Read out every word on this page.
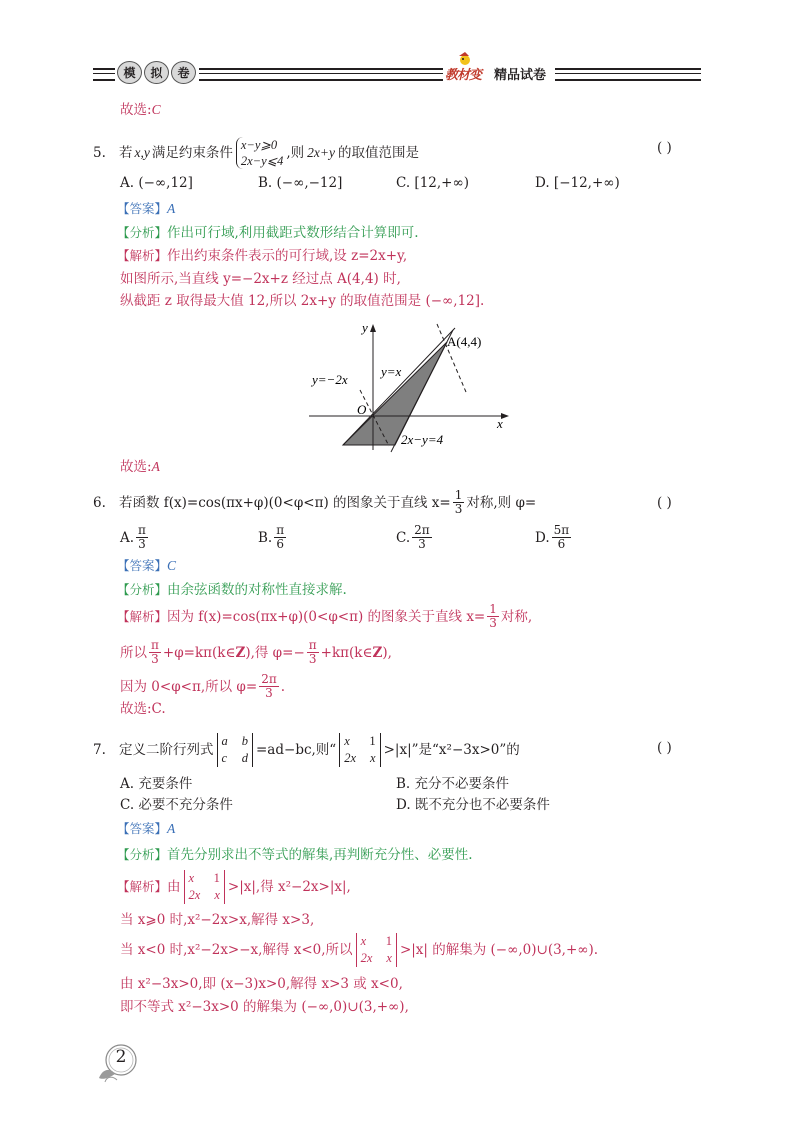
模 拟 卷	教材变 精品试卷
故选:C
5. 若 x,y 满足约束条件 x−y⩾0
2x−y⩽4 ,则 2x+y 的取值范围是	( )
A. (−∞,12]	B. (−∞,−12]	C. [12,+∞)	D. [−12,+∞)
【答案】A
【分析】作出可行域,利用截距式数形结合计算即可.
【解析】作出约束条件表示的可行域,设 z=2x+y,
如图所示,当直线 y=−2x+z 经过点 A(4,4) 时,
纵截距 z 取得最大值 12,所以 2x+y 的取值范围是 (−∞,12].
y
x
O
A(4,4)
y=x
y=−2x
2x−y=4
故选:A
6. 若函数 f(x)=cos(πx+φ)(0<φ<π) 的图象关于直线 $x= \frac{1}{3}$ 对称,则 φ=	( )
A. $\frac{\pi}{3}$	B. $\frac{\pi}{6}$	C. $\frac{2\pi}{3}$	D. $\frac{5\pi}{6}$
【答案】C
【分析】由余弦函数的对称性直接求解.
【解析】 因为 f(x)=cos(πx+φ)(0<φ<π) 的图象关于直线 $x= \frac{1}{3}$ 对称,
所以 $\frac{\pi}{3}$ +φ=kπ(k∈ Z ),得 $\varphi=- \frac{\pi}{3}$ +kπ(k∈ Z ),
因为 0<φ<π,所以 $\varphi= \frac{2\pi}{3}$ .
故选:C.
7. 定义二阶行列式
a b
c d =ad−bc,则“
x 1
2x x >|x|”是“x²−3x>0”的	( )
A. 充要条件	B. 充分不必要条件
C. 必要不充分条件	D. 既不充分也不必要条件
【答案】A
【分析】首先分别求出不等式的解集,再判断充分性、必要性.
【解析】 由
x 1
2x x >|x|,得 x²−2x>|x|,
当 x⩾0 时,x²−2x>x,解得 x>3,
当 x<0 时,x²−2x>−x,解得 x<0,所以
x 1
2x x >|x| 的解集为 (−∞,0)∪(3,+∞).
由 x²−3x>0,即 (x−3)x>0,解得 x>3 或 x<0,
即不等式 x²−3x>0 的解集为 (−∞,0)∪(3,+∞),
2
